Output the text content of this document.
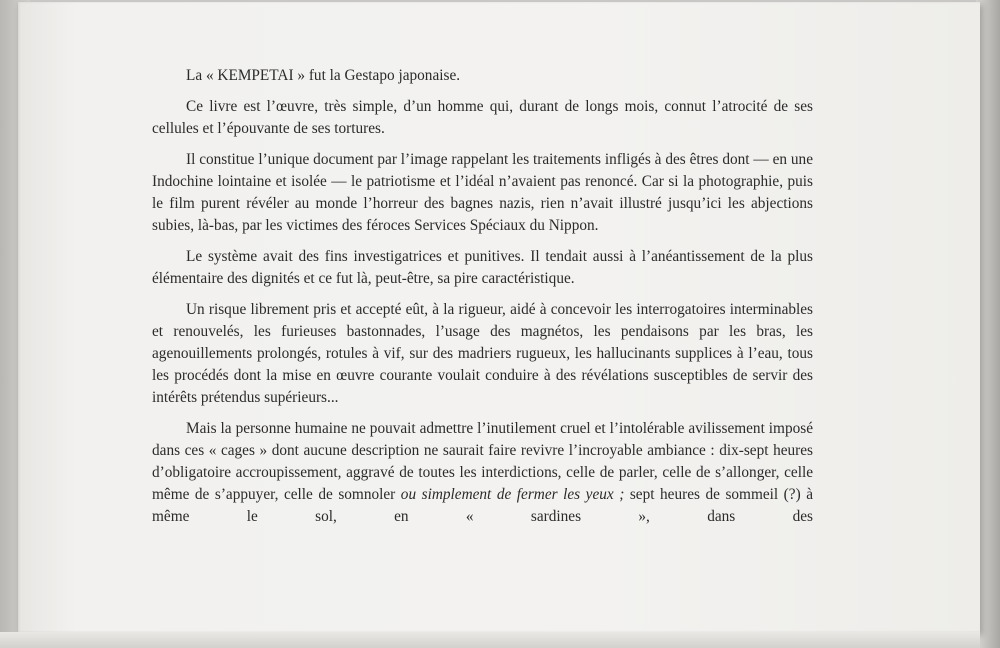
La « KEMPETAI » fut la Gestapo japonaise.

Ce livre est l’œuvre, très simple, d’un homme qui, durant de longs mois, connut l’atrocité de ses cellules et l’épouvante de ses tortures.

Il constitue l’unique document par l’image rappelant les traitements infligés à des êtres dont — en une Indochine lointaine et isolée — le patriotisme et l’idéal n’avaient pas renoncé. Car si la photographie, puis le film purent révéler au monde l’horreur des bagnes nazis, rien n’avait illustré jusqu’ici les abjections subies, là-bas, par les victimes des féroces Services Spéciaux du Nippon.

Le système avait des fins investigatrices et punitives. Il tendait aussi à l’anéantissement de la plus élémentaire des dignités et ce fut là, peut-être, sa pire caractéristique.

Un risque librement pris et accepté eût, à la rigueur, aidé à concevoir les interrogatoires interminables et renouvelés, les furieuses bastonnades, l’usage des magnétos, les pendaisons par les bras, les agenouillements prolongés, rotules à vif, sur des madriers rugueux, les hallucinants supplices à l’eau, tous les procédés dont la mise en œuvre courante voulait conduire à des révélations susceptibles de servir des intérêts prétendus supérieurs...

Mais la personne humaine ne pouvait admettre l’inutilement cruel et l’intolérable avilissement imposé dans ces « cages » dont aucune description ne saurait faire revivre l’incroyable ambiance : dix-sept heures d’obligatoire accroupissement, aggravé de toutes les interdictions, celle de parler, celle de s’allonger, celle même de s’appuyer, celle de somnoler ou simplement de fermer les yeux ; sept heures de sommeil (?) à même le sol, en « sardines », dans des
